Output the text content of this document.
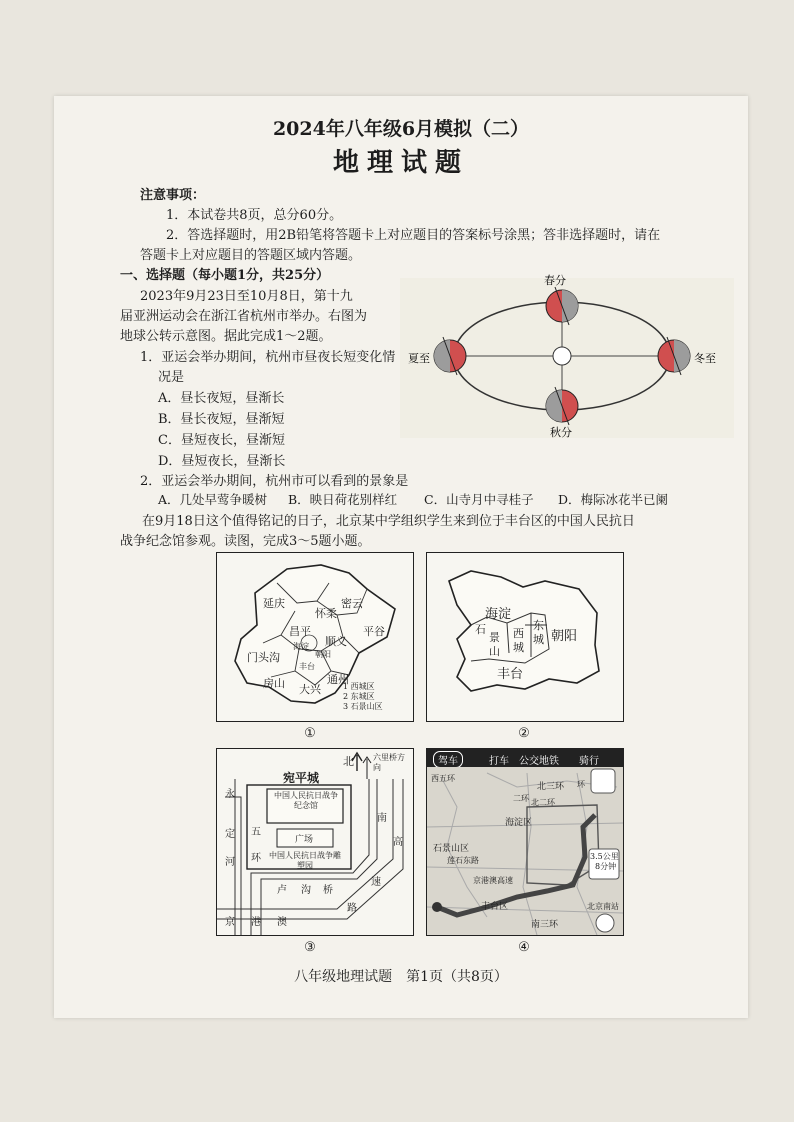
2024年八年级6月模拟（二）
地理试题
注意事项：
1．本试卷共8页，总分60分。
2．答选择题时，用2B铅笔将答题卡上对应题目的答案标号涂黑；答非选择题时，请在
答题卡上对应题目的答题区域内答题。
一、选择题（每小题1分，共25分）
2023年9月23日至10月8日，第十九
届亚洲运动会在浙江省杭州市举办。右图为
地球公转示意图。据此完成1～2题。
1．亚运会举办期间，杭州市昼夜长短变化情
况是
A．昼长夜短，昼渐长
B．昼长夜短，昼渐短
C．昼短夜长，昼渐短
D．昼短夜长，昼渐长
春分
夏至
秋分
冬至
2．亚运会举办期间，杭州市可以看到的景象是
A．几处早莺争暖树 B．映日荷花别样红 C．山寺月中寻桂子 D．梅际冰花半已阑
在9月18日这个值得铭记的日子，北京某中学组织学生来到位于丰台区的中国人民抗日
战争纪念馆参观。读图，完成3～5题小题。
延庆
怀柔
密云
平谷
昌平
顺义
门头沟
海淀
朝阳
丰台
房山 大兴
通州
1 西城区
2 东城区
3 石景山区
①
海淀
朝阳
丰台
石
景
山
西
城
东
城
②
宛平城
北 六里桥方向
中国人民抗日战争纪念馆
广场
中国人民抗日战争雕塑园
永
定
河
五
环
京 港 澳
高
速
卢 沟 桥
南
路
③
驾车	打车 公交地铁 骑行
西五环
北三环
北二环
海淀区
石景山区
莲石东路
京港澳高速
丰台区
南三环
北京南站
3.5公里
8分钟
二环
环
④
八年级地理试题　第1页（共8页）
